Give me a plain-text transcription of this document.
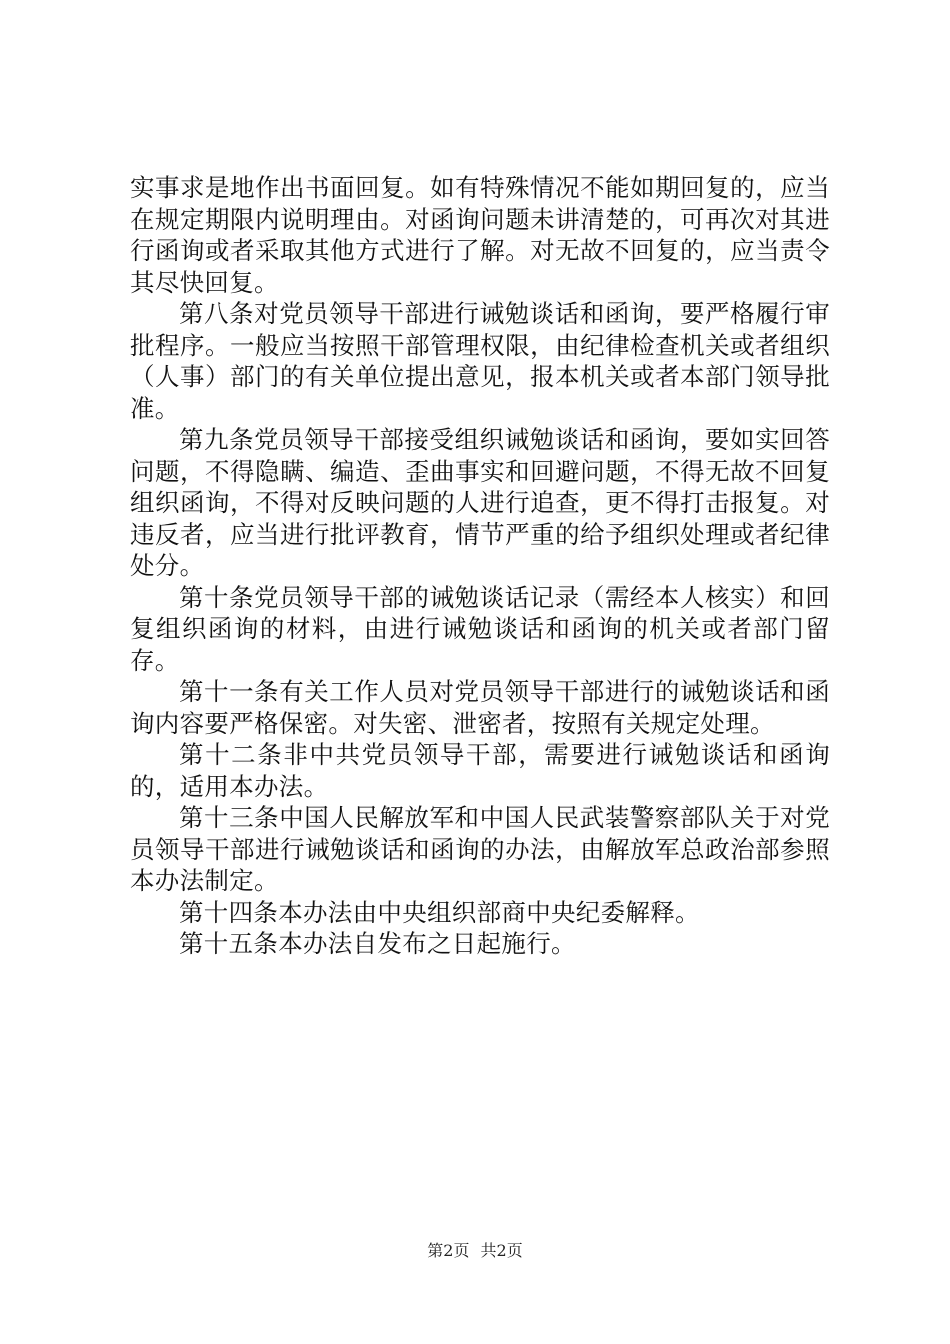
实事求是地作出书面回复。如有特殊情况不能如期回复的，应当在规定期限内说明理由。对函询问题未讲清楚的，可再次对其进行函询或者采取其他方式进行了解。对无故不回复的，应当责令其尽快回复。

第八条对党员领导干部进行诫勉谈话和函询，要严格履行审批程序。一般应当按照干部管理权限，由纪律检查机关或者组织（人事）部门的有关单位提出意见，报本机关或者本部门领导批准。

第九条党员领导干部接受组织诫勉谈话和函询，要如实回答问题，不得隐瞒、编造、歪曲事实和回避问题，不得无故不回复组织函询，不得对反映问题的人进行追查，更不得打击报复。对违反者，应当进行批评教育，情节严重的给予组织处理或者纪律处分。

第十条党员领导干部的诫勉谈话记录（需经本人核实）和回复组织函询的材料，由进行诫勉谈话和函询的机关或者部门留存。

第十一条有关工作人员对党员领导干部进行的诫勉谈话和函询内容要严格保密。对失密、泄密者，按照有关规定处理。

第十二条非中共党员领导干部，需要进行诫勉谈话和函询的，适用本办法。

第十三条中国人民解放军和中国人民武装警察部队关于对党员领导干部进行诫勉谈话和函询的办法，由解放军总政治部参照本办法制定。

第十四条本办法由中央组织部商中央纪委解释。

第十五条本办法自发布之日起施行。

第2页 共2页
